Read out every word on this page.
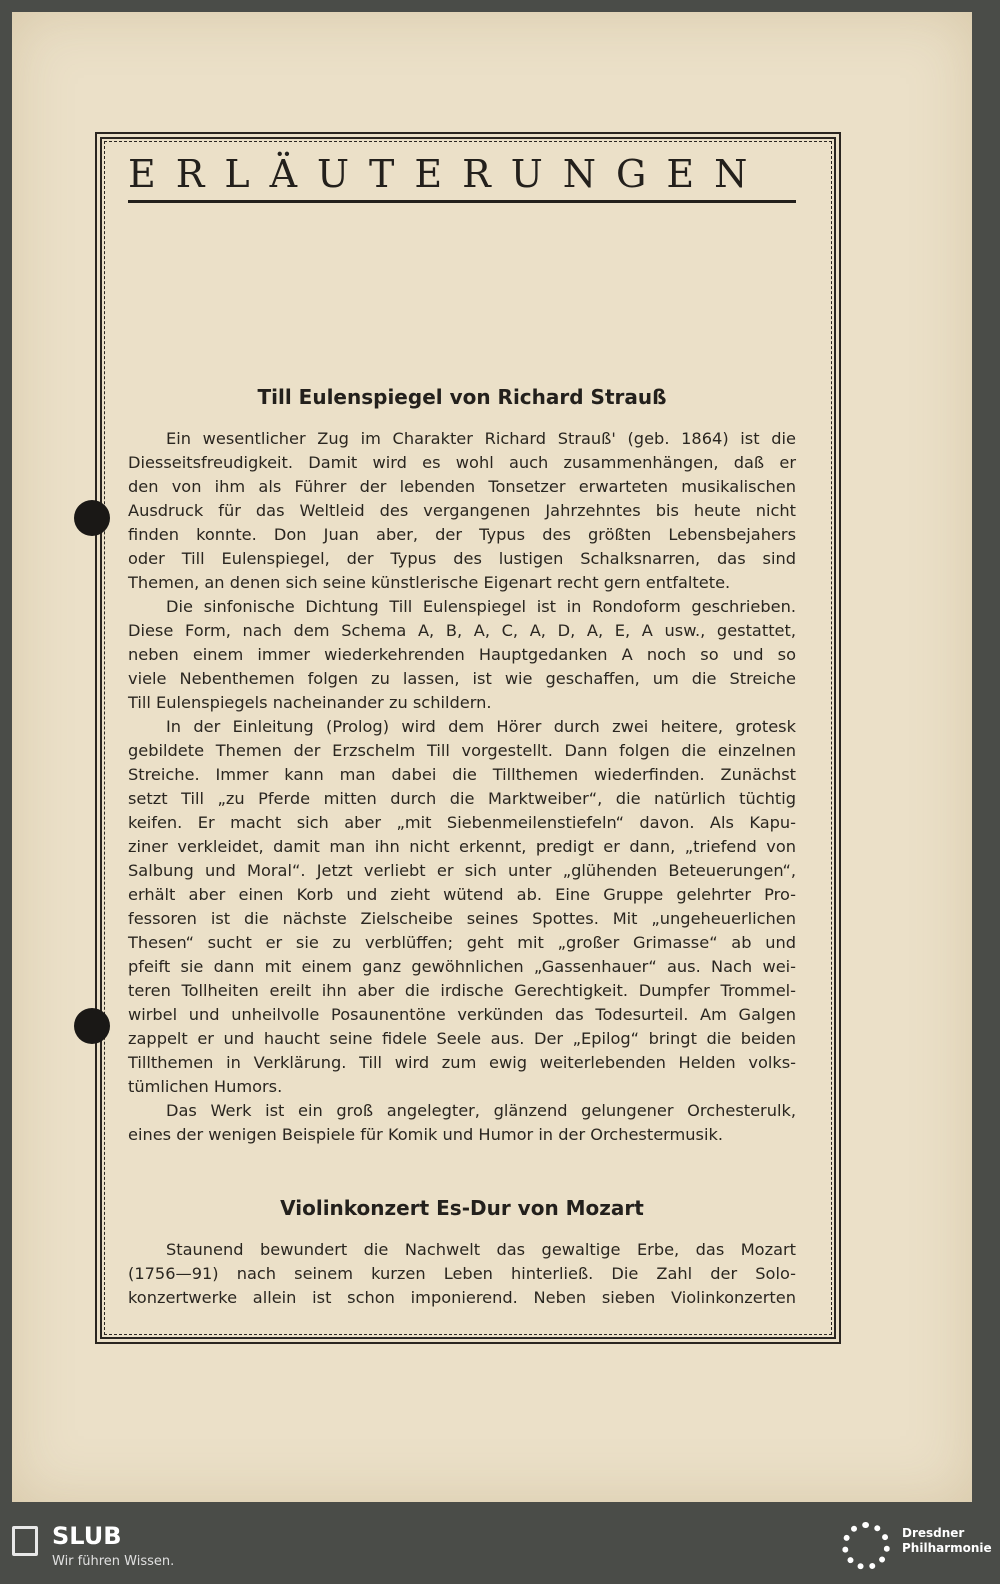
ERLÄUTERUNGEN
Till Eulenspiegel von Richard Strauß
Ein wesentlicher Zug im Charakter Richard Strauß' (geb. 1864) ist die
Diesseitsfreudigkeit. Damit wird es wohl auch zusammenhängen, daß er
den von ihm als Führer der lebenden Tonsetzer erwarteten musikalischen
Ausdruck für das Weltleid des vergangenen Jahrzehntes bis heute nicht
finden konnte. Don Juan aber, der Typus des größten Lebensbejahers
oder Till Eulenspiegel, der Typus des lustigen Schalksnarren, das sind
Themen, an denen sich seine künstlerische Eigenart recht gern entfaltete.
Die sinfonische Dichtung Till Eulenspiegel ist in Rondoform geschrieben.
Diese Form, nach dem Schema A, B, A, C, A, D, A, E, A usw., gestattet,
neben einem immer wiederkehrenden Hauptgedanken A noch so und so
viele Nebenthemen folgen zu lassen, ist wie geschaffen, um die Streiche
Till Eulenspiegels nacheinander zu schildern.
In der Einleitung (Prolog) wird dem Hörer durch zwei heitere, grotesk
gebildete Themen der Erzschelm Till vorgestellt. Dann folgen die einzelnen
Streiche. Immer kann man dabei die Tillthemen wiederfinden. Zunächst
setzt Till „zu Pferde mitten durch die Marktweiber“, die natürlich tüchtig
keifen. Er macht sich aber „mit Siebenmeilenstiefeln“ davon. Als Kapu-
ziner verkleidet, damit man ihn nicht erkennt, predigt er dann, „triefend von
Salbung und Moral“. Jetzt verliebt er sich unter „glühenden Beteuerungen“,
erhält aber einen Korb und zieht wütend ab. Eine Gruppe gelehrter Pro-
fessoren ist die nächste Zielscheibe seines Spottes. Mit „ungeheuerlichen
Thesen“ sucht er sie zu verblüffen; geht mit „großer Grimasse“ ab und
pfeift sie dann mit einem ganz gewöhnlichen „Gassenhauer“ aus. Nach wei-
teren Tollheiten ereilt ihn aber die irdische Gerechtigkeit. Dumpfer Trommel-
wirbel und unheilvolle Posaunentöne verkünden das Todesurteil. Am Galgen
zappelt er und haucht seine fidele Seele aus. Der „Epilog“ bringt die beiden
Tillthemen in Verklärung. Till wird zum ewig weiterlebenden Helden volks-
tümlichen Humors.
Das Werk ist ein groß angelegter, glänzend gelungener Orchesterulk,
eines der wenigen Beispiele für Komik und Humor in der Orchestermusik.
Violinkonzert Es-Dur von Mozart
Staunend bewundert die Nachwelt das gewaltige Erbe, das Mozart
(1756—91) nach seinem kurzen Leben hinterließ. Die Zahl der Solo-
konzertwerke allein ist schon imponierend. Neben sieben Violinkonzerten
SLUB
Wir führen Wissen.
Dresdner
Philharmonie
